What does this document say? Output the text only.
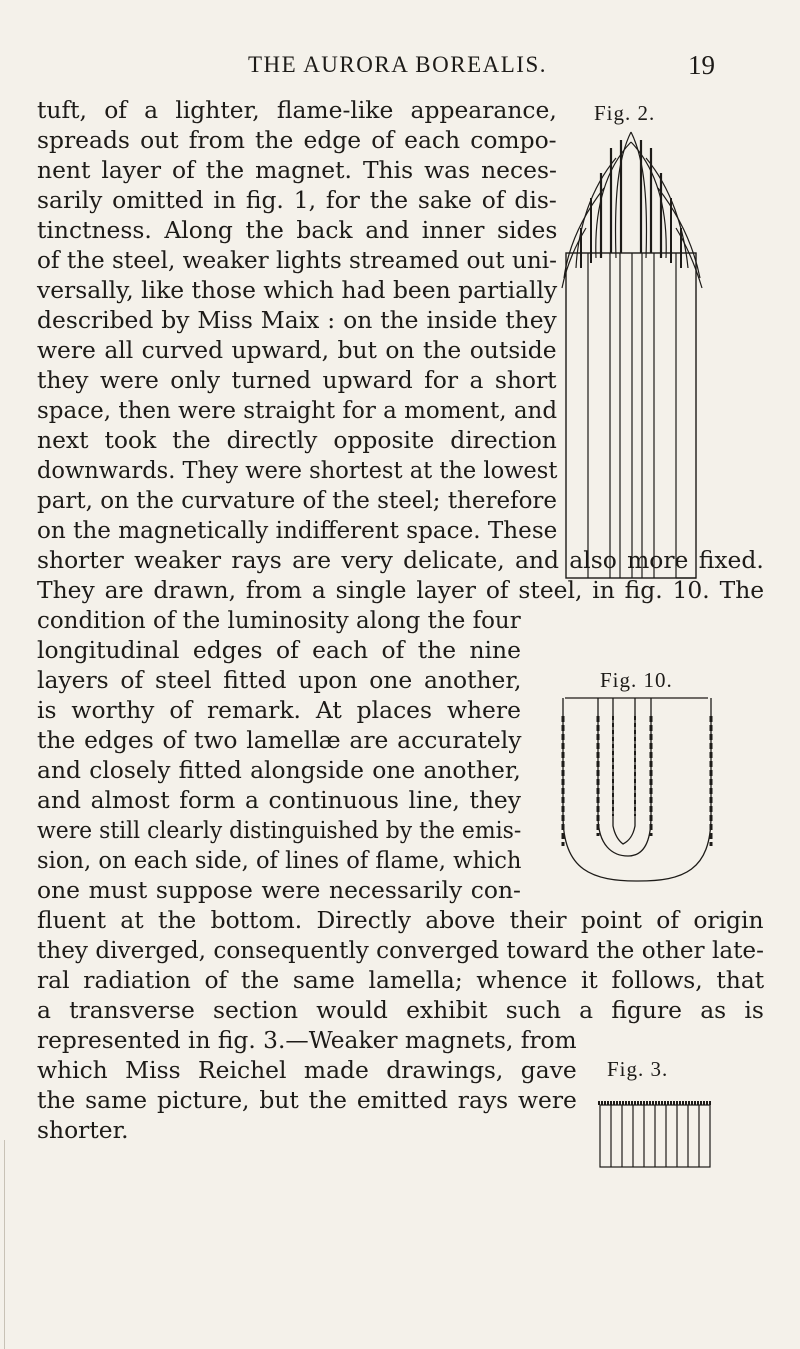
THE AURORA BOREALIS.	19
tuft, of a lighter, flame-like appearance,
spreads out from the edge of each compo-
nent layer of the magnet. This was neces-
sarily omitted in fig. 1, for the sake of dis-
tinctness. Along the back and inner sides
of the steel, weaker lights streamed out uni-
versally, like those which had been partially
described by Miss Maix : on the inside they
were all curved upward, but on the outside
they were only turned upward for a short
space, then were straight for a moment, and
next took the directly opposite direction
downwards. They were shortest at the lowest
part, on the curvature of the steel; therefore
on the magnetically indifferent space. These
shorter weaker rays are very delicate, and also more fixed.
They are drawn, from a single layer of steel, in fig. 10. The
condition of the luminosity along the four
longitudinal edges of each of the nine
layers of steel fitted upon one another,
is worthy of remark. At places where
the edges of two lamellæ are accurately
and closely fitted alongside one another,
and almost form a continuous line, they
were still clearly distinguished by the emis-
sion, on each side, of lines of flame, which
one must suppose were necessarily con-
fluent at the bottom. Directly above their point of origin
they diverged, consequently converged toward the other late-
ral radiation of the same lamella; whence it follows, that
a transverse section would exhibit such a figure as is
represented in fig. 3.—Weaker magnets, from
which Miss Reichel made drawings, gave
the same picture, but the emitted rays were
shorter.
Fig. 2.
Fig. 10.
Fig. 3.
